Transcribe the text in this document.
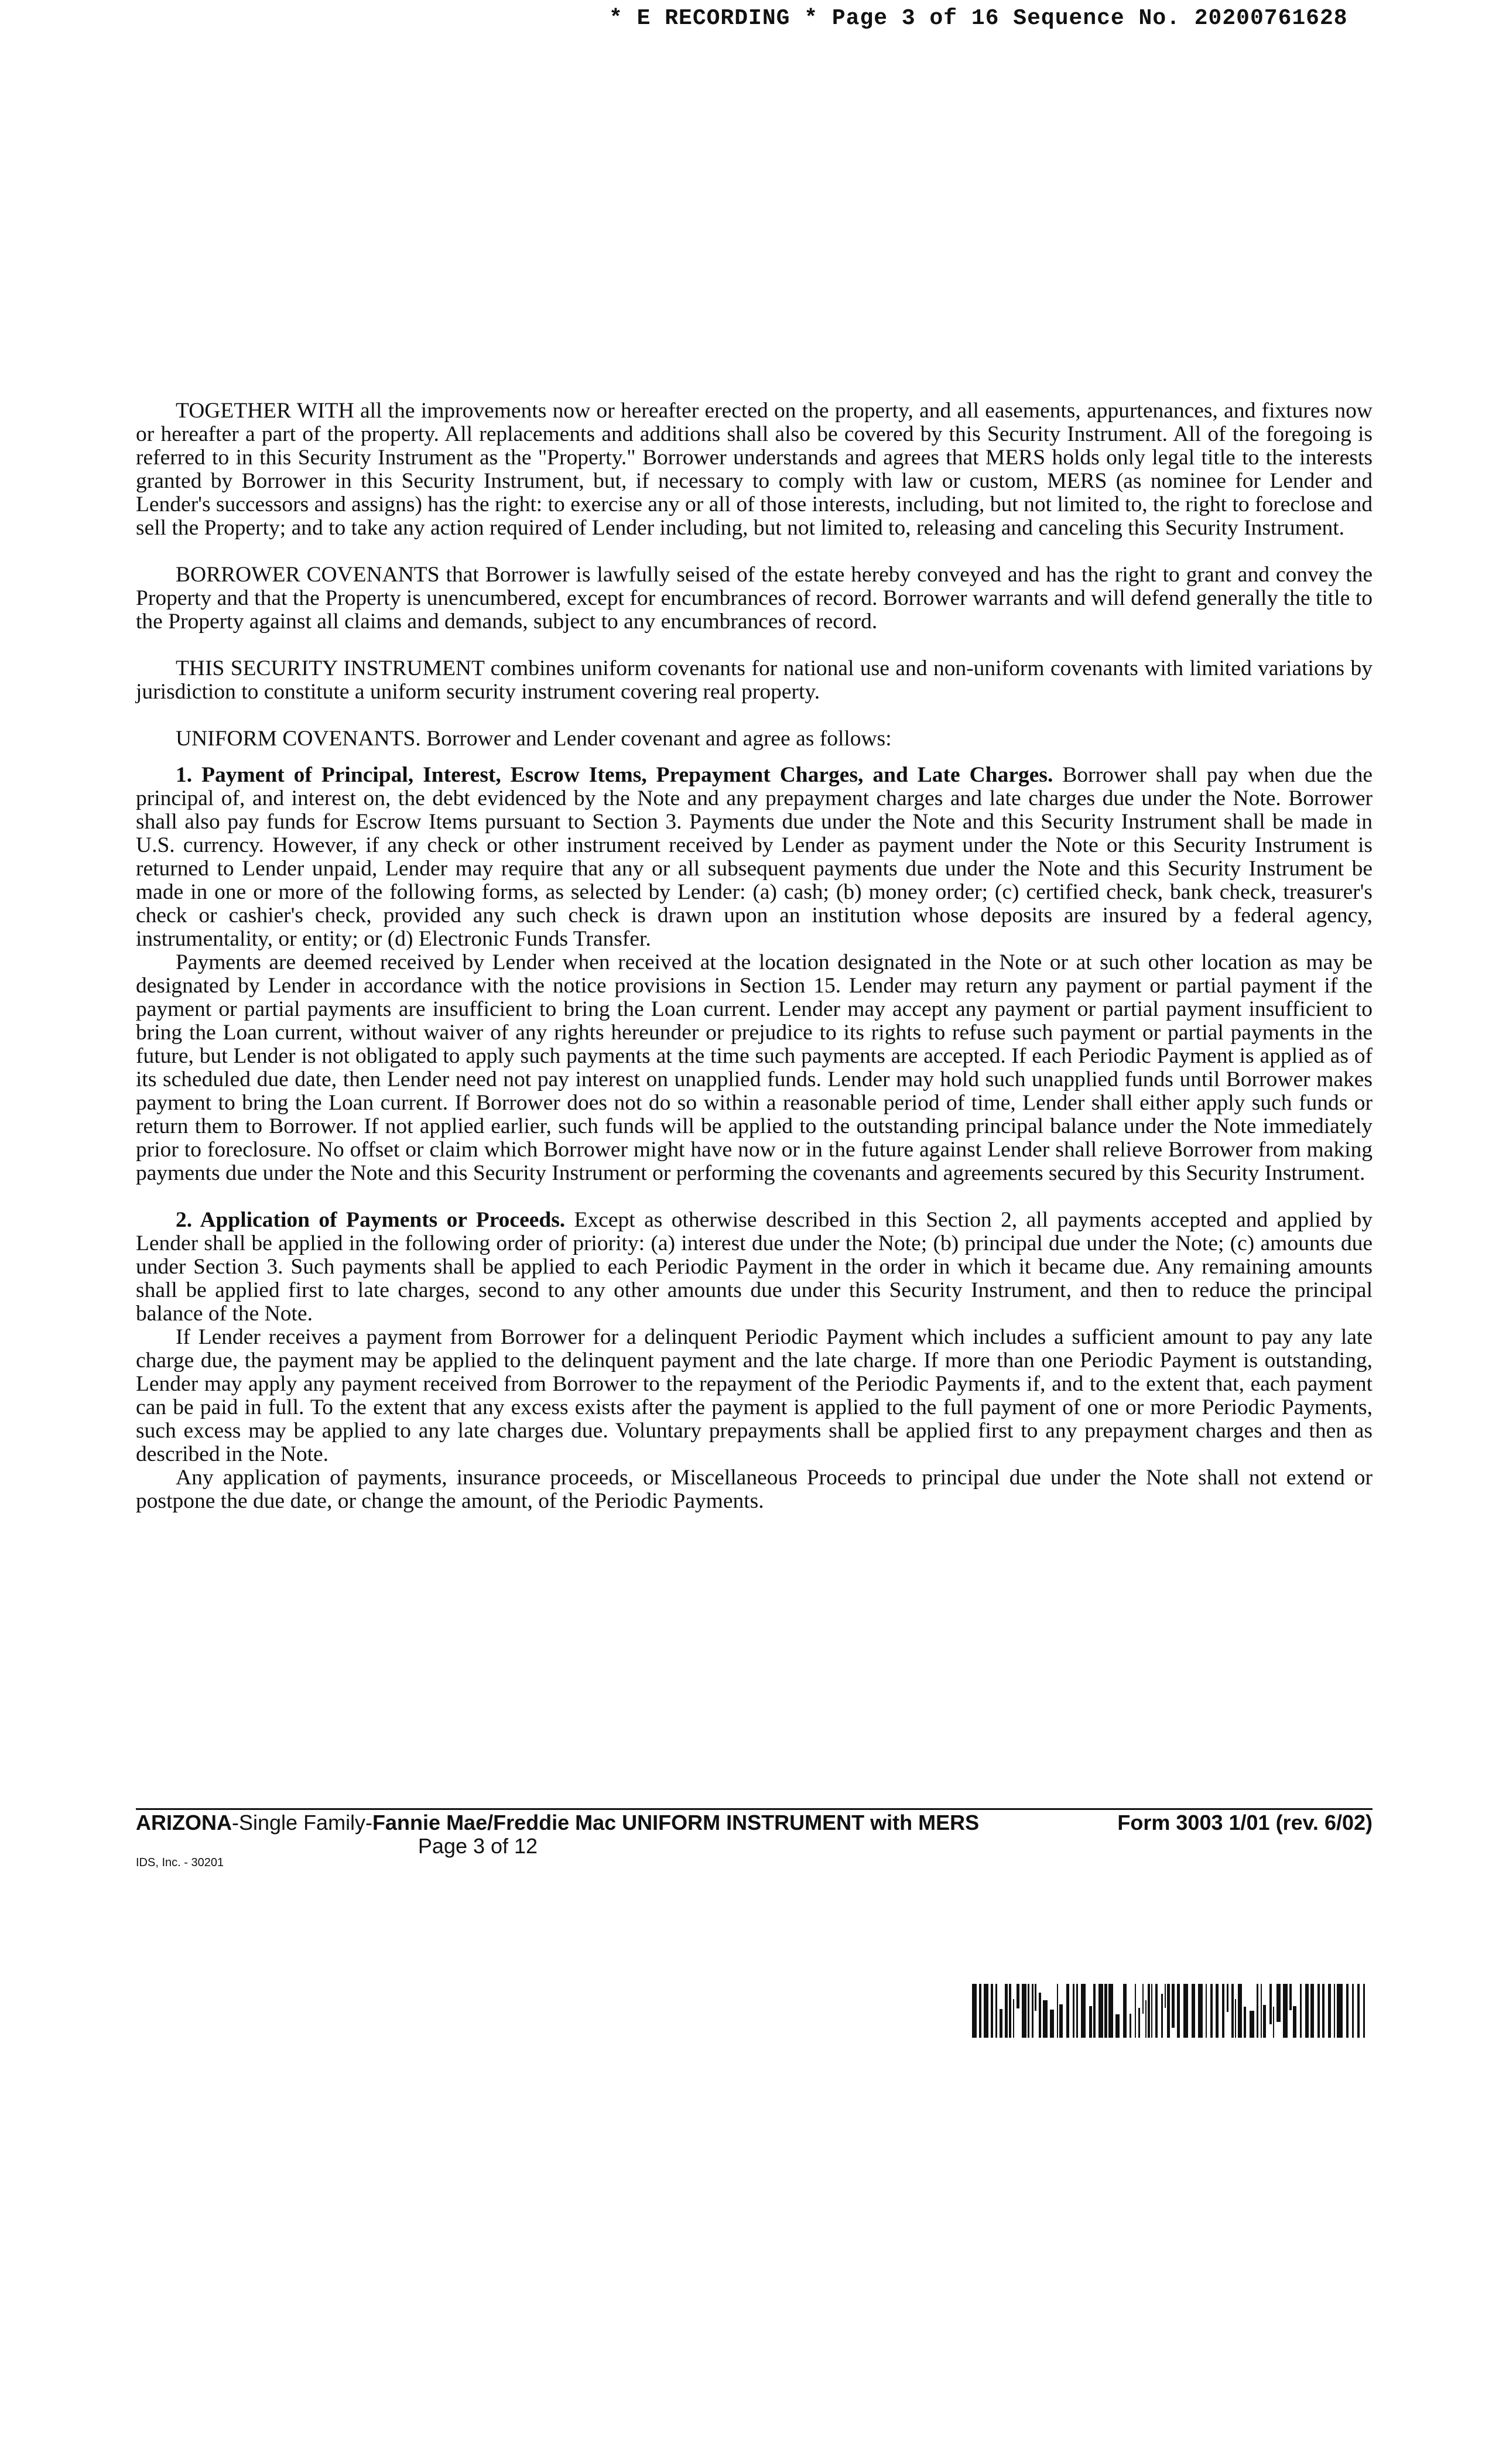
* E RECORDING * Page 3 of 16 Sequence No. 20200761628

TOGETHER WITH all the improvements now or hereafter erected on the property, and all easements, appurtenances, and fixtures now or hereafter a part of the property. All replacements and additions shall also be covered by this Security Instrument. All of the foregoing is referred to in this Security Instrument as the "Property." Borrower understands and agrees that MERS holds only legal title to the interests granted by Borrower in this Security Instrument, but, if necessary to comply with law or custom, MERS (as nominee for Lender and Lender's successors and assigns) has the right: to exercise any or all of those interests, including, but not limited to, the right to foreclose and sell the Property; and to take any action required of Lender including, but not limited to, releasing and canceling this Security Instrument.

BORROWER COVENANTS that Borrower is lawfully seised of the estate hereby conveyed and has the right to grant and convey the Property and that the Property is unencumbered, except for encumbrances of record. Borrower warrants and will defend generally the title to the Property against all claims and demands, subject to any encumbrances of record.

THIS SECURITY INSTRUMENT combines uniform covenants for national use and non-uniform covenants with limited variations by jurisdiction to constitute a uniform security instrument covering real property.

UNIFORM COVENANTS. Borrower and Lender covenant and agree as follows:

1. Payment of Principal, Interest, Escrow Items, Prepayment Charges, and Late Charges. Borrower shall pay when due the principal of, and interest on, the debt evidenced by the Note and any prepayment charges and late charges due under the Note. Borrower shall also pay funds for Escrow Items pursuant to Section 3. Payments due under the Note and this Security Instrument shall be made in U.S. currency. However, if any check or other instrument received by Lender as payment under the Note or this Security Instrument is returned to Lender unpaid, Lender may require that any or all subsequent payments due under the Note and this Security Instrument be made in one or more of the following forms, as selected by Lender: (a) cash; (b) money order; (c) certified check, bank check, treasurer's check or cashier's check, provided any such check is drawn upon an institution whose deposits are insured by a federal agency, instrumentality, or entity; or (d) Electronic Funds Transfer.

Payments are deemed received by Lender when received at the location designated in the Note or at such other location as may be designated by Lender in accordance with the notice provisions in Section 15. Lender may return any payment or partial payment if the payment or partial payments are insufficient to bring the Loan current. Lender may accept any payment or partial payment insufficient to bring the Loan current, without waiver of any rights hereunder or prejudice to its rights to refuse such payment or partial payments in the future, but Lender is not obligated to apply such payments at the time such payments are accepted. If each Periodic Payment is applied as of its scheduled due date, then Lender need not pay interest on unapplied funds. Lender may hold such unapplied funds until Borrower makes payment to bring the Loan current. If Borrower does not do so within a reasonable period of time, Lender shall either apply such funds or return them to Borrower. If not applied earlier, such funds will be applied to the outstanding principal balance under the Note immediately prior to foreclosure. No offset or claim which Borrower might have now or in the future against Lender shall relieve Borrower from making payments due under the Note and this Security Instrument or performing the covenants and agreements secured by this Security Instrument.

2. Application of Payments or Proceeds. Except as otherwise described in this Section 2, all payments accepted and applied by Lender shall be applied in the following order of priority: (a) interest due under the Note; (b) principal due under the Note; (c) amounts due under Section 3. Such payments shall be applied to each Periodic Payment in the order in which it became due. Any remaining amounts shall be applied first to late charges, second to any other amounts due under this Security Instrument, and then to reduce the principal balance of the Note.

If Lender receives a payment from Borrower for a delinquent Periodic Payment which includes a sufficient amount to pay any late charge due, the payment may be applied to the delinquent payment and the late charge. If more than one Periodic Payment is outstanding, Lender may apply any payment received from Borrower to the repayment of the Periodic Payments if, and to the extent that, each payment can be paid in full. To the extent that any excess exists after the payment is applied to the full payment of one or more Periodic Payments, such excess may be applied to any late charges due. Voluntary prepayments shall be applied first to any prepayment charges and then as described in the Note.

Any application of payments, insurance proceeds, or Miscellaneous Proceeds to principal due under the Note shall not extend or postpone the due date, or change the amount, of the Periodic Payments.

ARIZONA-Single Family-Fannie Mae/Freddie Mac UNIFORM INSTRUMENT with MERS	Form 3003 1/01 (rev. 6/02)
Page 3 of 12
IDS, Inc. - 30201
